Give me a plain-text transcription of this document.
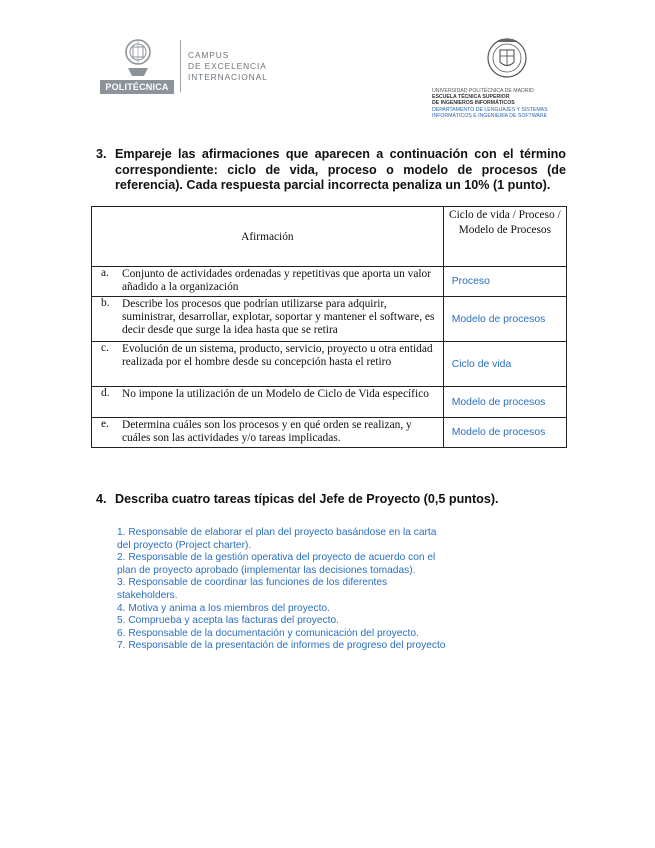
POLITÉCNICA
CAMPUS
DE EXCELENCIA
INTERNACIONAL
UNIVERSIDAD POLITÉCNICA DE MADRID
ESCUELA TÉCNICA SUPERIOR
DE INGENIEROS INFORMÁTICOS
DEPARTAMENTO DE LENGUAJES Y SISTEMAS
INFORMÁTICOS E INGENIERÍA DE SOFTWARE
3. Empareje las afirmaciones que aparecen a continuación con el término correspondiente: ciclo de vida, proceso o modelo de procesos (de referencia). Cada respuesta parcial incorrecta penaliza un 10% (1 punto).
Afirmación	Ciclo de vida / Proceso / Modelo de Procesos

a. Conjunto de actividades ordenadas y repetitivas que aporta un valor añadido a la organización	Proceso

b. Describe los procesos que podrían utilizarse para adquirir, suministrar, desarrollar, explotar, soportar y mantener el software, es decir desde que surge la idea hasta que se retira	Modelo de procesos

c. Evolución de un sistema, producto, servicio, proyecto u otra entidad realizada por el hombre desde su concepción hasta el retiro	Ciclo de vida

d. No impone la utilización de un Modelo de Ciclo de Vida específico	Modelo de procesos

e. Determina cuáles son los procesos y en qué orden se realizan, y cuáles son las actividades y/o tareas implicadas.	Modelo de procesos
4. Describa cuatro tareas típicas del Jefe de Proyecto (0,5 puntos).
1. Responsable de elaborar el plan del proyecto basándose en la carta del proyecto (Project charter).
2. Responsable de la gestión operativa del proyecto de acuerdo con el plan de proyecto aprobado (implementar las decisiones tomadas).
3. Responsable de coordinar las funciones de los diferentes stakeholders.
4. Motiva y anima a los miembros del proyecto.
5. Comprueba y acepta las facturas del proyecto.
6. Responsable de la documentación y comunicación del proyecto.
7. Responsable de la presentación de informes de progreso del proyecto
